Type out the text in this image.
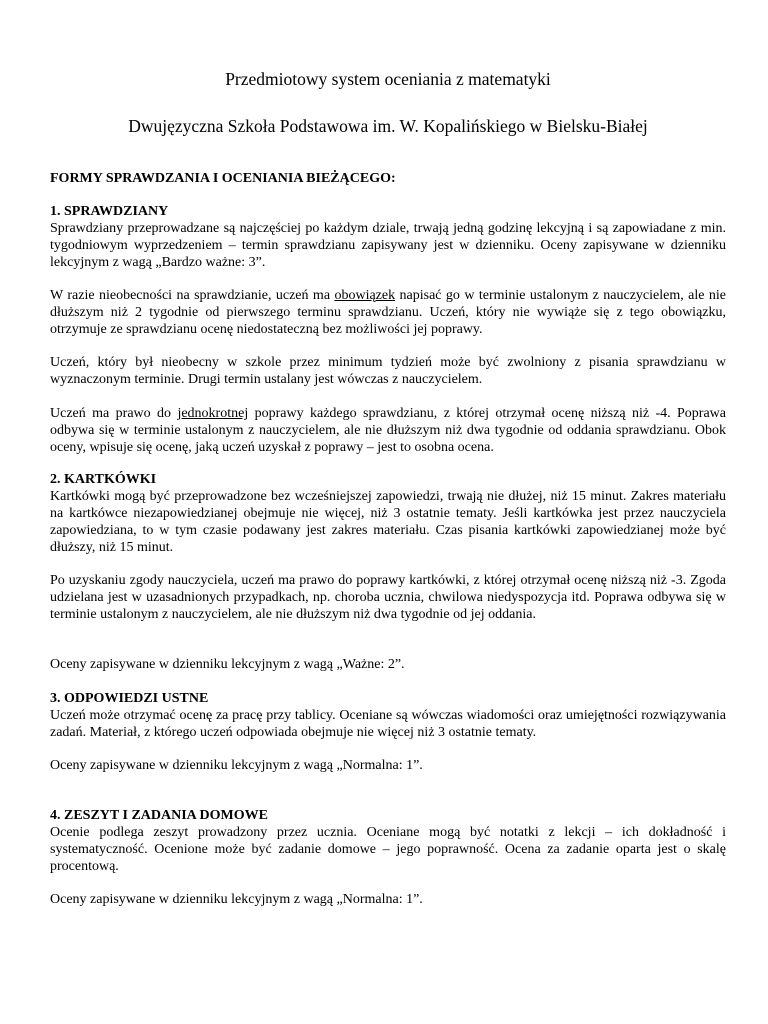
Przedmiotowy system oceniania z matematyki
Dwujęzyczna Szkoła Podstawowa im. W. Kopalińskiego w Bielsku-Białej
FORMY SPRAWDZANIA I OCENIANIA BIEŻĄCEGO:
1. SPRAWDZIANY

Sprawdziany przeprowadzane są najczęściej po każdym dziale, trwają jedną godzinę lekcyjną i są zapowiadane z min. tygodniowym wyprzedzeniem – termin sprawdzianu zapisywany jest w dzienniku. Oceny zapisywane w dzienniku lekcyjnym z wagą „Bardzo ważne: 3”.

W razie nieobecności na sprawdzianie, uczeń ma obowiązek napisać go w terminie ustalonym z nauczycielem, ale nie dłuższym niż 2 tygodnie od pierwszego terminu sprawdzianu. Uczeń, który nie wywiąże się z tego obowiązku, otrzymuje ze sprawdzianu ocenę niedostateczną bez możliwości jej poprawy.

Uczeń, który był nieobecny w szkole przez minimum tydzień może być zwolniony z pisania sprawdzianu w wyznaczonym terminie. Drugi termin ustalany jest wówczas z nauczycielem.

Uczeń ma prawo do jednokrotnej poprawy każdego sprawdzianu, z której otrzymał ocenę niższą niż -4. Poprawa odbywa się w terminie ustalonym z nauczycielem, ale nie dłuższym niż dwa tygodnie od oddania sprawdzianu. Obok oceny, wpisuje się ocenę, jaką uczeń uzyskał z poprawy – jest to osobna ocena.

2. KARTKÓWKI

Kartkówki mogą być przeprowadzone bez wcześniejszej zapowiedzi, trwają nie dłużej, niż 15 minut. Zakres materiału na kartkówce niezapowiedzianej obejmuje nie więcej, niż 3 ostatnie tematy. Jeśli kartkówka jest przez nauczyciela zapowiedziana, to w tym czasie podawany jest zakres materiału. Czas pisania kartkówki zapowiedzianej może być dłuższy, niż 15 minut.

Po uzyskaniu zgody nauczyciela, uczeń ma prawo do poprawy kartkówki, z której otrzymał ocenę niższą niż -3. Zgoda udzielana jest w uzasadnionych przypadkach, np. choroba ucznia, chwilowa niedyspozycja itd. Poprawa odbywa się w terminie ustalonym z nauczycielem, ale nie dłuższym niż dwa tygodnie od jej oddania.

Oceny zapisywane w dzienniku lekcyjnym z wagą „Ważne: 2”.

3. ODPOWIEDZI USTNE

Uczeń może otrzymać ocenę za pracę przy tablicy. Oceniane są wówczas wiadomości oraz umiejętności rozwiązywania zadań. Materiał, z którego uczeń odpowiada obejmuje nie więcej niż 3 ostatnie tematy.

Oceny zapisywane w dzienniku lekcyjnym z wagą „Normalna: 1”.

4. ZESZYT I ZADANIA DOMOWE

Ocenie podlega zeszyt prowadzony przez ucznia. Oceniane mogą być notatki z lekcji – ich dokładność i systematyczność. Ocenione może być zadanie domowe – jego poprawność. Ocena za zadanie oparta jest o skalę procentową.

Oceny zapisywane w dzienniku lekcyjnym z wagą „Normalna: 1”.
